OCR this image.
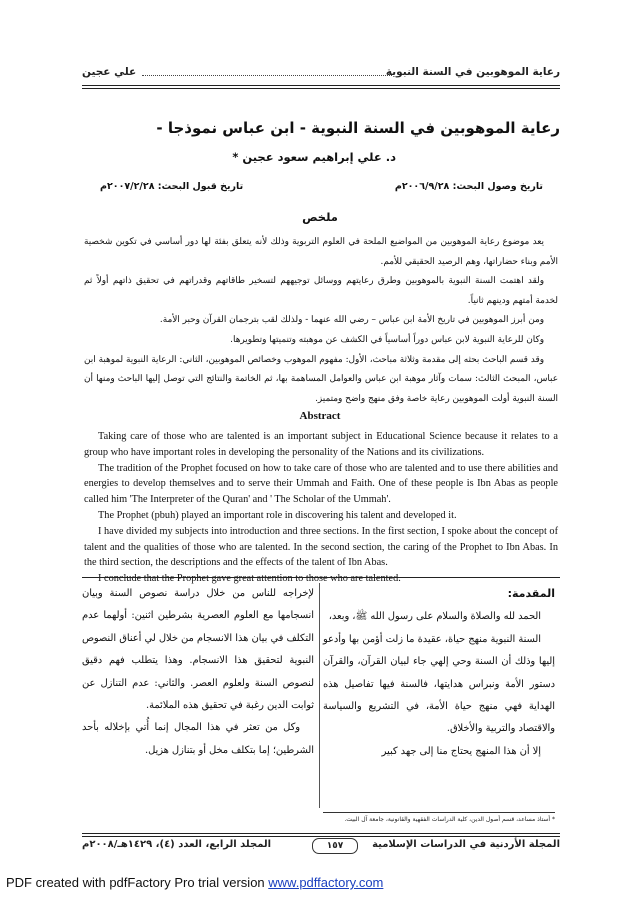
رعاية الموهوبين في السنة النبوية
علي عجين
رعاية الموهوبين في السنة النبوية - ابن عباس نموذجا -
د. علي إبراهيم سعود عجين *
تاريخ وصول البحث: ٢٠٠٦/٩/٢٨م
تاريخ قبول البحث: ٢٠٠٧/٢/٢٨م
ملخص

يعد موضوع رعاية الموهوبين من المواضيع الملحة في العلوم التربوية وذلك لأنه يتعلق بفئة لها دور أساسي في تكوين شخصية الأمم وبناء حضاراتها، وهم الرصيد الحقيقي للأمم.

ولقد اهتمت السنة النبوية بالموهوبين وطرق رعايتهم ووسائل توجيههم لتسخير طاقاتهم وقدراتهم في تحقيق ذاتهم أولاً ثم لخدمة أمتهم ودينهم ثانياً.

ومن أبرز الموهوبين في تاريخ الأمة ابن عباس – رضي الله عنهما - ولذلك لقب بترجمان القرآن وحبر الأمة.

وكان للرعاية النبوية لابن عباس دوراً أساسياً في الكشف عن موهبته وتنميتها وتطويرها.

وقد قسم الباحث بحثه إلى مقدمة وثلاثة مباحث، الأول: مفهوم الموهوب وخصائص الموهوبين، الثاني: الرعاية النبوية لموهبة ابن عباس، المبحث الثالث: سمات وآثار موهبة ابن عباس والعوامل المساهمة بها، ثم الخاتمة والنتائج التي توصل إليها الباحث ومنها أن السنة النبوية أولت الموهوبين رعاية خاصة وفق منهج واضح ومتميز.

Abstract

Taking care of those who are talented is an important subject in Educational Science because it relates to a group who have important roles in developing the personality of the Nations and its civilizations.

The tradition of the Prophet focused on how to take care of those who are talented and to use there abilities and energies to develop themselves and to serve their Ummah and Faith. One of these people is Ibn Abas as people called him 'The Interpreter of the Quran' and ' The Scholar of the Ummah'.

The Prophet (pbuh) played an important role in discovering his talent and developed it.

I have divided my subjects into introduction and three sections. In the first section, I spoke about the concept of talent and the qualities of those who are talented. In the second section, the caring of the Prophet to Ibn Abas. In the third section, the descriptions and the effects of the talent of Ibn Abas.

I conclude that the Prophet gave great attention to those who are talented.

المقدمة:

الحمد لله والصلاة والسلام على رسول الله ﷺ، وبعد،

السنة النبوية منهج حياة، عقيدة ما زلت أؤمن بها وأدعو إليها وذلك أن السنة وحي إلهي جاء لبيان القرآن، والقرآن دستور الأمة ونبراس هدايتها، فالسنة فيها تفاصيل هذه الهداية فهي منهج حياة الأمة، في التشريع والسياسة والاقتصاد والتربية والأخلاق.

إلا أن هذا المنهج يحتاج منا إلى جهد كبير

لإخراجه للناس من خلال دراسة نصوص السنة وبيان انسجامها مع العلوم العصرية بشرطين اثنين: أولهما عدم التكلف في بيان هذا الانسجام من خلال لي أعناق النصوص النبوية لتحقيق هذا الانسجام. وهذا يتطلب فهم دقيق لنصوص السنة ولعلوم العصر. والثاني: عدم التنازل عن ثوابت الدين رغبة في تحقيق هذه الملائمة.

وكل من تعثر في هذا المجال إنما أُتي بإخلاله بأحد الشرطين؛ إما بتكلف مخل أو بتنازل هزيل.

* أستاذ مساعد، قسم أصول الدين، كلية الدراسات الفقهية والقانونية، جامعة آل البيت.
المجلة الأردنية في الدراسات الإسلامية
١٥٧
المجلد الرابع، العدد (٤)، ١٤٢٩هـ/٢٠٠٨م
PDF created with pdfFactory Pro trial version www.pdffactory.com
